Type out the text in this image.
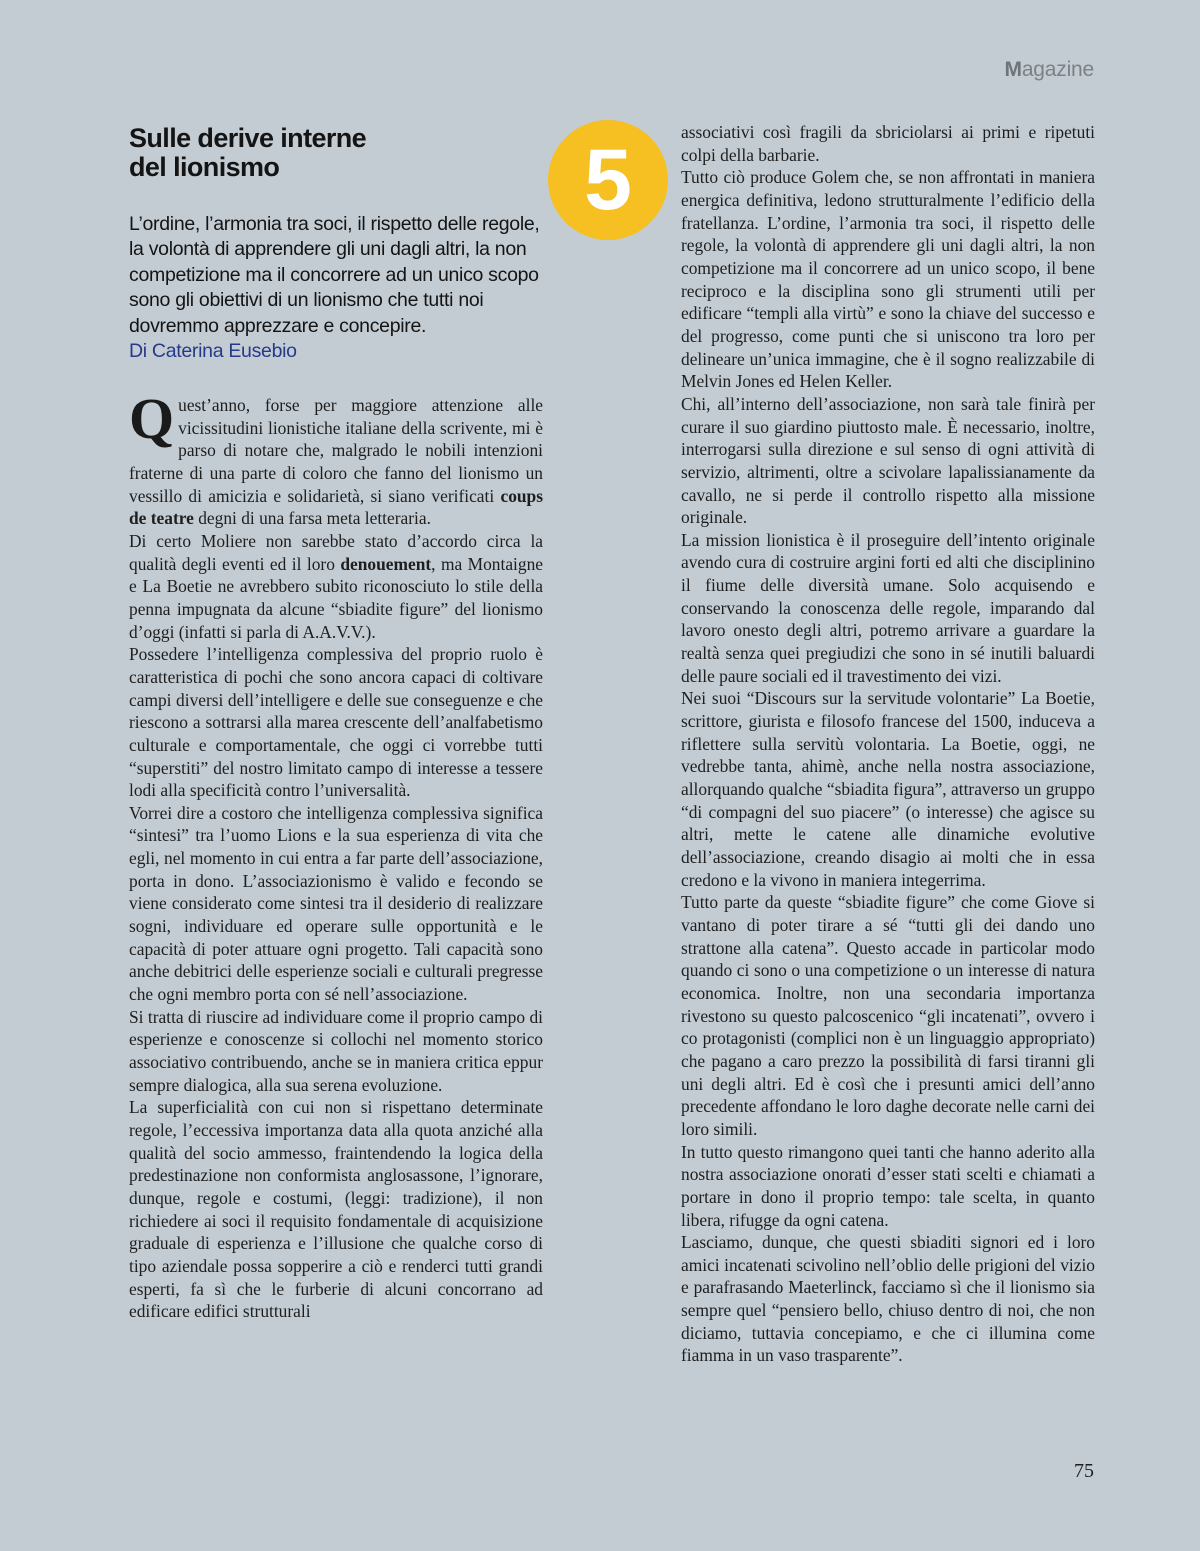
Magazine
Sulle derive interne
del lionismo

L’ordine, l’armonia tra soci, il rispetto delle regole, la volontà di apprendere gli uni dagli altri, la non competizione ma il concorrere ad un unico scopo sono gli obiettivi di un lionismo che tutti noi dovremmo apprezzare e concepire.

Di Caterina Eusebio

5

Quest’anno, forse per maggiore attenzione alle vicissitudini lionistiche italiane della scrivente, mi è parso di notare che, malgrado le nobili intenzioni fraterne di una parte di coloro che fanno del lionismo un vessillo di amicizia e solidarietà, si siano verificati coups de teatre degni di una farsa meta letteraria.

Di certo Moliere non sarebbe stato d’accordo circa la qualità degli eventi ed il loro denouement, ma Montaigne e La Boetie ne avrebbero subito riconosciuto lo stile della penna impugnata da alcune “sbiadite figure” del lionismo d’oggi (infatti si parla di A.A.V.V.).

Possedere l’intelligenza complessiva del proprio ruolo è caratteristica di pochi che sono ancora capaci di coltivare campi diversi dell’intelligere e delle sue conseguenze e che riescono a sottrarsi alla marea crescente dell’analfabetismo culturale e comportamentale, che oggi ci vorrebbe tutti “superstiti” del nostro limitato campo di interesse a tessere lodi alla specificità contro l’universalità.

Vorrei dire a costoro che intelligenza complessiva significa “sintesi” tra l’uomo Lions e la sua esperienza di vita che egli, nel momento in cui entra a far parte dell’associazione, porta in dono. L’associazionismo è valido e fecondo se viene considerato come sintesi tra il desiderio di realizzare sogni, individuare ed operare sulle opportunità e le capacità di poter attuare ogni progetto. Tali capacità sono anche debitrici delle esperienze sociali e culturali pregresse che ogni membro porta con sé nell’associazione.

Si tratta di riuscire ad individuare come il proprio campo di esperienze e conoscenze si collochi nel momento storico associativo contribuendo, anche se in maniera critica eppur sempre dialogica, alla sua serena evoluzione.

La superficialità con cui non si rispettano determinate regole, l’eccessiva importanza data alla quota anziché alla qualità del socio ammesso, fraintendendo la logica della predestinazione non conformista anglosassone, l’ignorare, dunque, regole e costumi, (leggi: tradizione), il non richiedere ai soci il requisito fondamentale di acquisizione graduale di esperienza e l’illusione che qualche corso di tipo aziendale possa sopperire a ciò e renderci tutti grandi esperti, fa sì che le furberie di alcuni concorrano ad edificare edifici strutturali

associativi così fragili da sbriciolarsi ai primi e ripetuti colpi della barbarie.

Tutto ciò produce Golem che, se non affrontati in maniera energica definitiva, ledono strutturalmente l’edificio della fratellanza. L’ordine, l’armonia tra soci, il rispetto delle regole, la volontà di apprendere gli uni dagli altri, la non competizione ma il concorrere ad un unico scopo, il bene reciproco e la disciplina sono gli strumenti utili per edificare “templi alla virtù” e sono la chiave del successo e del progresso, come punti che si uniscono tra loro per delineare un’unica immagine, che è il sogno realizzabile di Melvin Jones ed Helen Keller.

Chi, all’interno dell’associazione, non sarà tale finirà per curare il suo giardino piuttosto male. È necessario, inoltre, interrogarsi sulla direzione e sul senso di ogni attività di servizio, altrimenti, oltre a scivolare lapalissianamente da cavallo, ne si perde il controllo rispetto alla missione originale.

La mission lionistica è il proseguire dell’intento originale avendo cura di costruire argini forti ed alti che disciplinino il fiume delle diversità umane. Solo acquisendo e conservando la conoscenza delle regole, imparando dal lavoro onesto degli altri, potremo arrivare a guardare la realtà senza quei pregiudizi che sono in sé inutili baluardi delle paure sociali ed il travestimento dei vizi.

Nei suoi “Discours sur la servitude volontarie” La Boetie, scrittore, giurista e filosofo francese del 1500, induceva a riflettere sulla servitù volontaria. La Boetie, oggi, ne vedrebbe tanta, ahimè, anche nella nostra associazione, allorquando qualche “sbiadita figura”, attraverso un gruppo “di compagni del suo piacere” (o interesse) che agisce su altri, mette le catene alle dinamiche evolutive dell’associazione, creando disagio ai molti che in essa credono e la vivono in maniera integerrima.

Tutto parte da queste “sbiadite figure” che come Giove si vantano di poter tirare a sé “tutti gli dei dando uno strattone alla catena”. Questo accade in particolar modo quando ci sono o una competizione o un interesse di natura economica. Inoltre, non una secondaria importanza rivestono su questo palcoscenico “gli incatenati”, ovvero i co protagonisti (complici non è un linguaggio appropriato) che pagano a caro prezzo la possibilità di farsi tiranni gli uni degli altri. Ed è così che i presunti amici dell’anno precedente affondano le loro daghe decorate nelle carni dei loro simili.

In tutto questo rimangono quei tanti che hanno aderito alla nostra associazione onorati d’esser stati scelti e chiamati a portare in dono il proprio tempo: tale scelta, in quanto libera, rifugge da ogni catena.

Lasciamo, dunque, che questi sbiaditi signori ed i loro amici incatenati scivolino nell’oblio delle prigioni del vizio e parafrasando Maeterlinck, facciamo sì che il lionismo sia sempre quel “pensiero bello, chiuso dentro di noi, che non diciamo, tuttavia concepiamo, e che ci illumina come fiamma in un vaso trasparente”.

75
